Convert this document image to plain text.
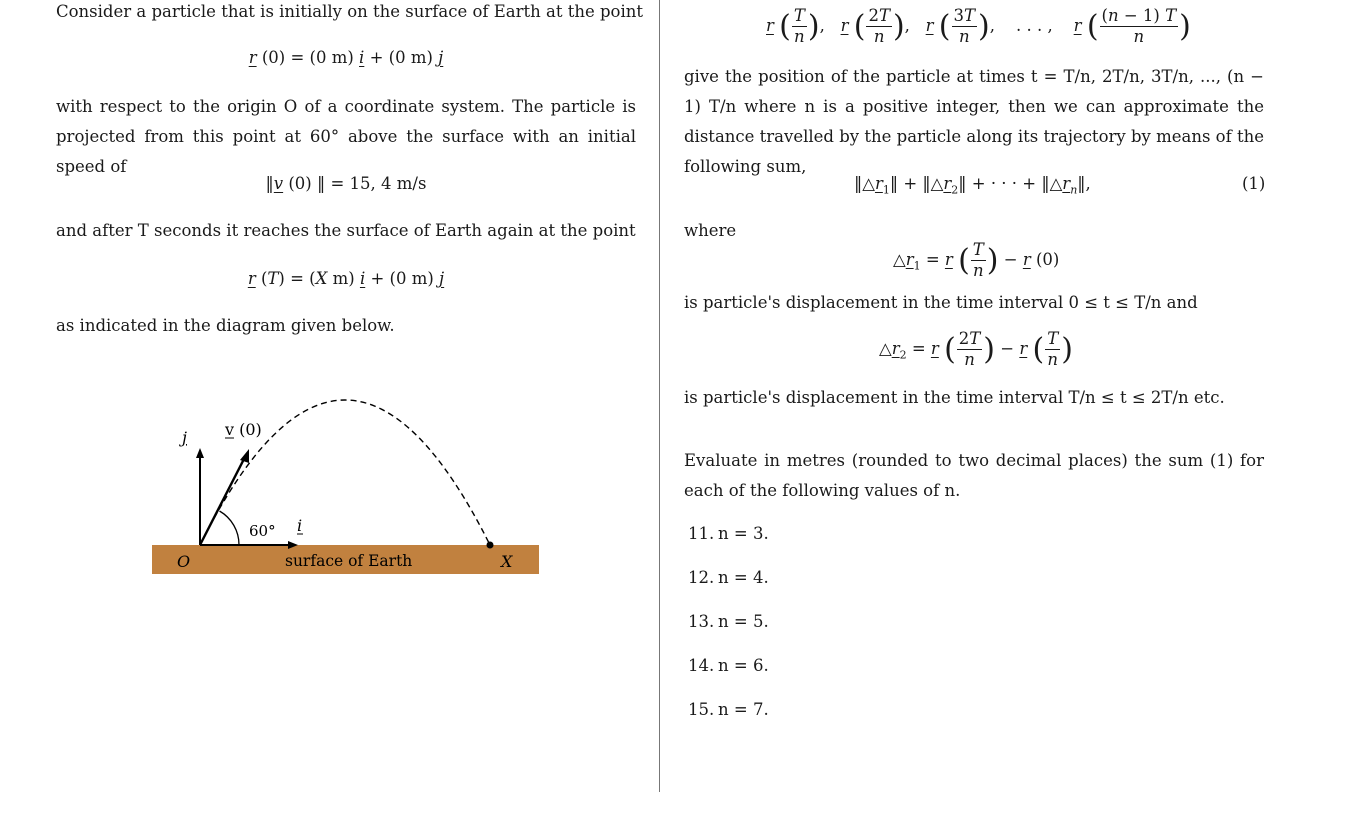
Consider a particle that is initially on the surface of Earth at the point
r (0) = (0 m) i + (0 m) j
with respect to the origin O of a coordinate system. The particle is projected from this point at 60° above the surface with an initial speed of
‖v (0) ‖ = 15, 4 m/s
and after T seconds it reaches the surface of Earth again at the point
r (T) = (X m) i + (0 m) j
as indicated in the diagram given below.
j v (0)
60° i
O	surface of Earth	X
r ( $\frac{T}{n}$ ),   r ( $\frac{2T}{n}$ ),   r ( $\frac{3T}{n}$ ),    . . . ,    r ( $\frac{(n - 1) T}{n}$ )
give the position of the particle at times t = T/n, 2T/n, 3T/n, ..., (n − 1) T/n where n is a positive integer, then we can approximate the distance travelled by the particle along its trajectory by means of the following sum,
$‖\triangle r_1‖$ + $‖\triangle r_2‖$ + · · · + $‖\triangle r_n‖$,	(1)
where
$\triangle r_1 = r$ ( $\frac{T}{n}$ ) − r (0)
is particle's displacement in the time interval 0 ≤ t ≤ T/n and
$\triangle r_2 = r$ ( $\frac{2T}{n}$ ) − r ( $\frac{T}{n}$ )
is particle's displacement in the time interval T/n ≤ t ≤ 2T/n etc.
Evaluate in metres (rounded to two decimal places) the sum (1) for each of the following values of n.
11. n = 3.
12. n = 4.
13. n = 5.
14. n = 6.
15. n = 7.
